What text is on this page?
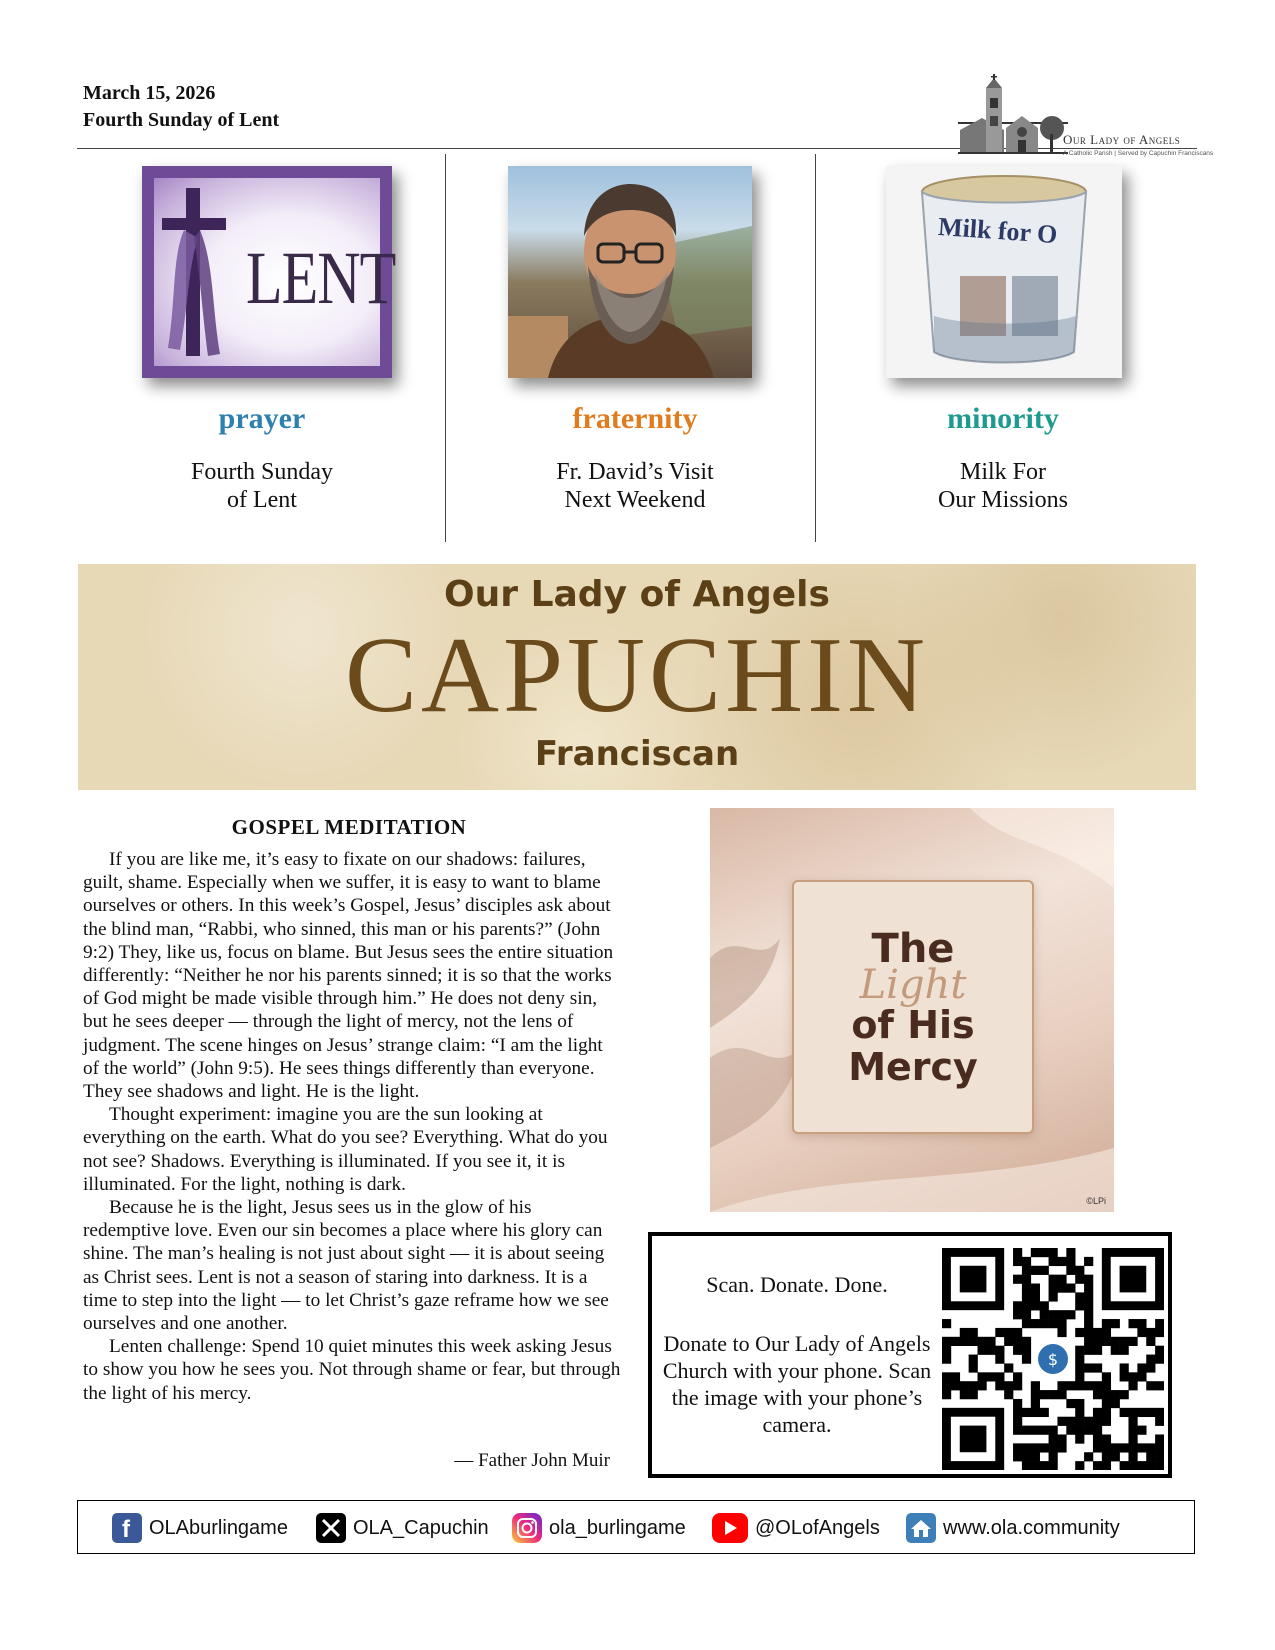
March 15, 2026
Fourth Sunday of Lent
Our Lady of Angels
A Catholic Parish | Served by Capuchin Franciscans
LENT
prayer
Fourth Sunday
of Lent
fraternity
Fr. David’s Visit
Next Weekend
Milk for O
minority
Milk For
Our Missions
Our Lady of Angels
CAPUCHIN
Franciscan
GOSPEL MEDITATION

If you are like me, it’s easy to fixate on our shadows: failures, guilt, shame. Especially when we suffer, it is easy to want to blame ourselves or others. In this week’s Gospel, Jesus’ disciples ask about the blind man, “Rabbi, who sinned, this man or his parents?” (John 9:2) They, like us, focus on blame. But Jesus sees the entire situation differently: “Neither he nor his parents sinned; it is so that the works of God might be made visible through him.” He does not deny sin, but he sees deeper — through the light of mercy, not the lens of judgment. The scene hinges on Jesus’ strange claim: “I am the light of the world” (John 9:5). He sees things differently than everyone. They see shadows and light. He is the light.

Thought experiment: imagine you are the sun looking at everything on the earth. What do you see? Everything. What do you not see? Shadows. Everything is illuminated. If you see it, it is illuminated. For the light, nothing is dark.

Because he is the light, Jesus sees us in the glow of his redemptive love. Even our sin becomes a place where his glory can shine. The man’s healing is not just about sight — it is about seeing as Christ sees. Lent is not a season of staring into darkness. It is a time to step into the light — to let Christ’s gaze reframe how we see ourselves and one another.

Lenten challenge: Spend 10 quiet minutes this week asking Jesus to show you how he sees you. Not through shame or fear, but through the light of his mercy.

— Father John Muir
The
Light
of His
Mercy
©LPi
Scan. Donate. Done.
Donate to Our Lady of Angels Church with your phone. Scan the image with your phone’s camera.
$
f OLAburlingame	OLA_Capuchin	ola_burlingame	@OLofAngels	www.ola.community
